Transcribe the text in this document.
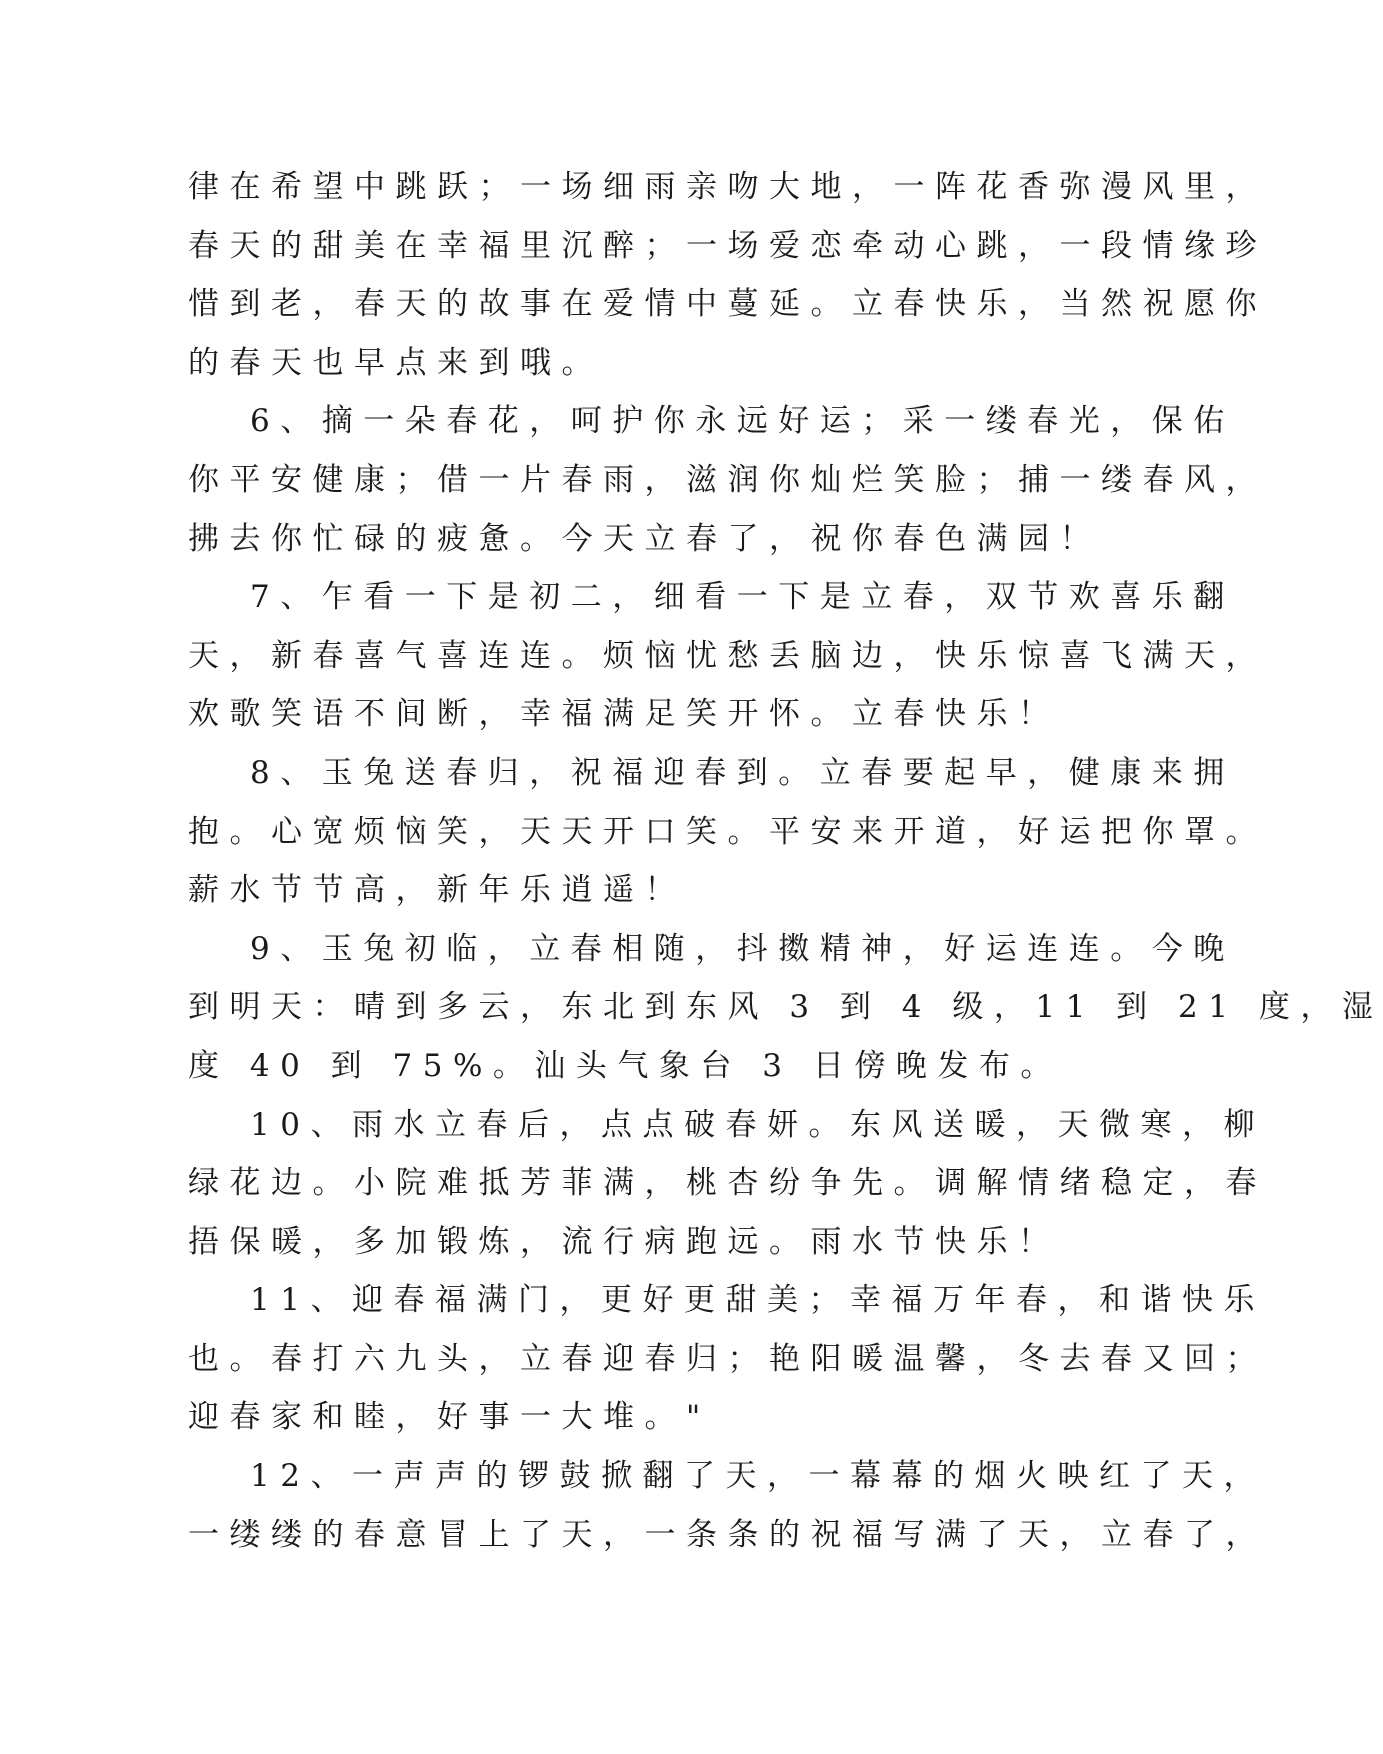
律在希望中跳跃；一场细雨亲吻大地，一阵花香弥漫风里，
春天的甜美在幸福里沉醉；一场爱恋牵动心跳，一段情缘珍
惜到老，春天的故事在爱情中蔓延。立春快乐，当然祝愿你
的春天也早点来到哦。
6、摘一朵春花，呵护你永远好运；采一缕春光，保佑
你平安健康；借一片春雨，滋润你灿烂笑脸；捕一缕春风，
拂去你忙碌的疲惫。今天立春了，祝你春色满园！
7、乍看一下是初二，细看一下是立春，双节欢喜乐翻
天，新春喜气喜连连。烦恼忧愁丢脑边，快乐惊喜飞满天，
欢歌笑语不间断，幸福满足笑开怀。立春快乐！
8、玉兔送春归，祝福迎春到。立春要起早，健康来拥
抱。心宽烦恼笑，天天开口笑。平安来开道，好运把你罩。
薪水节节高，新年乐逍遥！
9、玉兔初临，立春相随，抖擞精神，好运连连。今晚
到明天：晴到多云，东北到东风 3 到 4 级，11 到 21 度，湿
度 40 到 75%。汕头气象台 3 日傍晚发布。
10、雨水立春后，点点破春妍。东风送暖，天微寒，柳
绿花边。小院难抵芳菲满，桃杏纷争先。调解情绪稳定，春
捂保暖，多加锻炼，流行病跑远。雨水节快乐！
11、迎春福满门，更好更甜美；幸福万年春，和谐快乐
也。春打六九头，立春迎春归；艳阳暖温馨，冬去春又回；
迎春家和睦，好事一大堆。"
12、一声声的锣鼓掀翻了天，一幕幕的烟火映红了天，
一缕缕的春意冒上了天，一条条的祝福写满了天，立春了，
